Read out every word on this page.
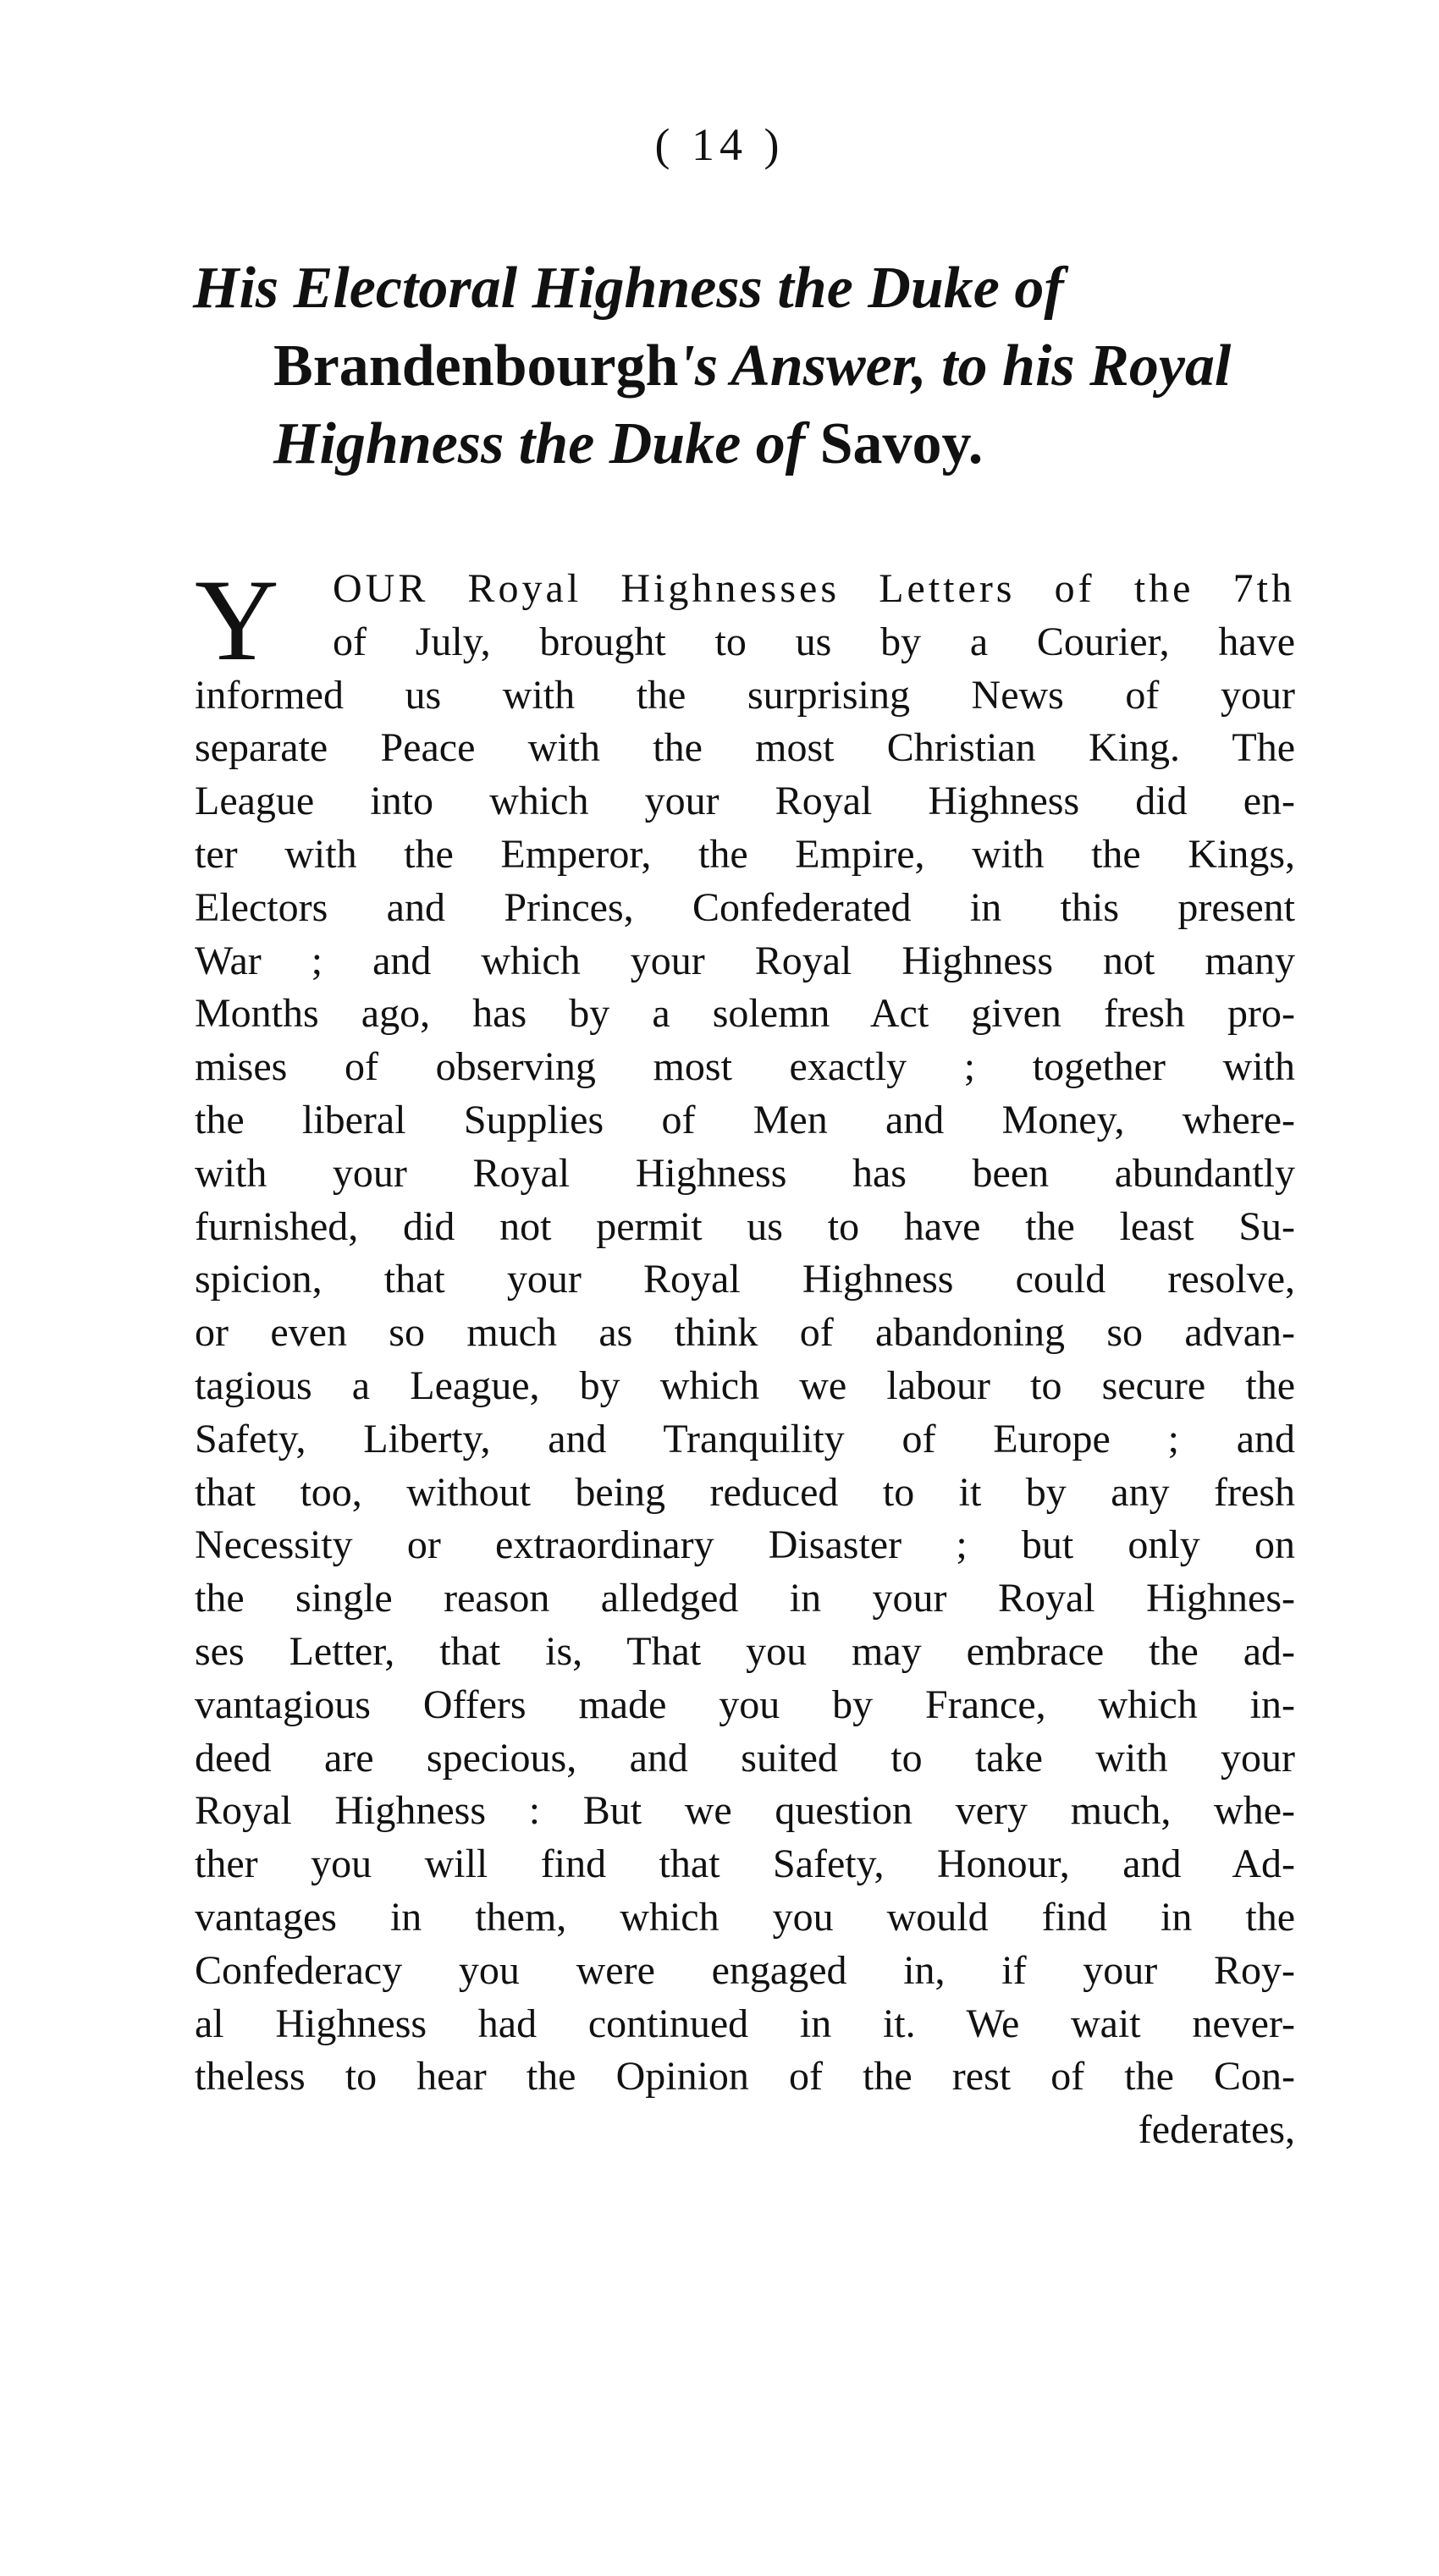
( 14 )
His Electoral Highness the Duke of
Brandenbourgh's Answer, to his Royal
Highness the Duke of Savoy.
Y	OUR Royal Highnesses Letters of the 7th
of July, brought to us by a Courier, have
informed us with the surprising News of your
separate Peace with the most Christian King. The
League into which your Royal Highness did en-
ter with the Emperor, the Empire, with the Kings,
Electors and Princes, Confederated in this present
War ; and which your Royal Highness not many
Months ago, has by a solemn Act given fresh pro-
mises of observing most exactly ; together with
the liberal Supplies of Men and Money, where-
with your Royal Highness has been abundantly
furnished, did not permit us to have the least Su-
spicion, that your Royal Highness could resolve,
or even so much as think of abandoning so advan-
tagious a League, by which we labour to secure the
Safety, Liberty, and Tranquility of Europe ; and
that too, without being reduced to it by any fresh
Necessity or extraordinary Disaster ; but only on
the single reason alledged in your Royal Highnes-
ses Letter, that is, That you may embrace the ad-
vantagious Offers made you by France, which in-
deed are specious, and suited to take with your
Royal Highness : But we question very much, whe-
ther you will find that Safety, Honour, and Ad-
vantages in them, which you would find in the
Confederacy you were engaged in, if your Roy-
al Highness had continued in it. We wait never-
theless to hear the Opinion of the rest of the Con-
federates,
